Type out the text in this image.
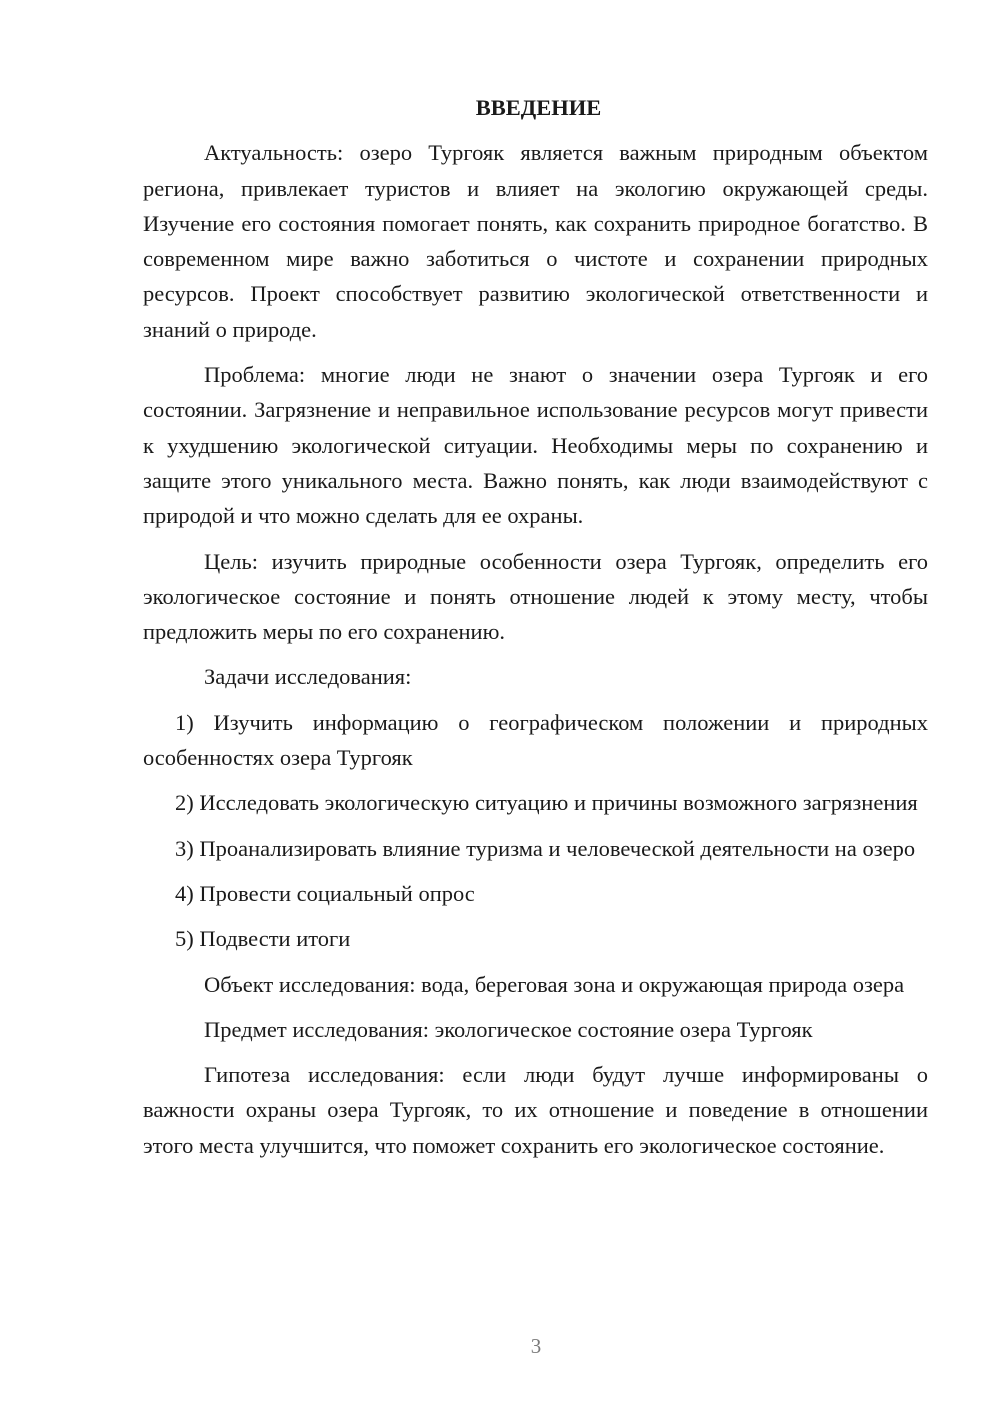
ВВЕДЕНИЕ

Актуальность: озеро Тургояк является важным природным объектом региона, привлекает туристов и влияет на экологию окружающей среды. Изучение его состояния помогает понять, как сохранить природное богатство. В современном мире важно заботиться о чистоте и сохранении природных ресурсов. Проект способствует развитию экологической ответственности и знаний о природе.

Проблема: многие люди не знают о значении озера Тургояк и его состоянии. Загрязнение и неправильное использование ресурсов могут привести к ухудшению экологической ситуации. Необходимы меры по сохранению и защите этого уникального места. Важно понять, как люди взаимодействуют с природой и что можно сделать для ее охраны.

Цель: изучить природные особенности озера Тургояк, определить его экологическое состояние и понять отношение людей к этому месту, чтобы предложить меры по его сохранению.

Задачи исследования:

1) Изучить информацию о географическом положении и природных особенностях озера Тургояк

2) Исследовать экологическую ситуацию и причины возможного загрязнения

3) Проанализировать влияние туризма и человеческой деятельности на озеро

4) Провести социальный опрос

5) Подвести итоги

Объект исследования: вода, береговая зона и окружающая природа озера

Предмет исследования: экологическое состояние озера Тургояк

Гипотеза исследования: если люди будут лучше информированы о важности охраны озера Тургояк, то их отношение и поведение в отношении этого места улучшится, что поможет сохранить его экологическое состояние.

3
